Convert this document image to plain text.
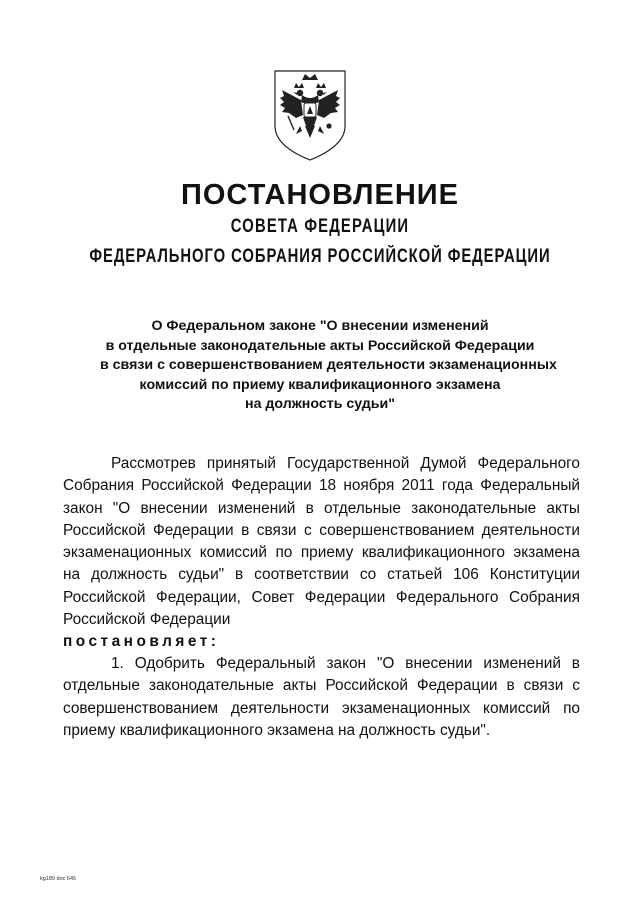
ПОСТАНОВЛЕНИЕ
СОВЕТА ФЕДЕРАЦИИ
ФЕДЕРАЛЬНОГО СОБРАНИЯ РОССИЙСКОЙ ФЕДЕРАЦИИ
О Федеральном законе "О внесении изменений
в отдельные законодательные акты Российской Федерации
в связи с совершенствованием деятельности экзаменационных
комиссий по приему квалификационного экзамена
на должность судьи"
Рассмотрев принятый Государственной Думой Федерального Собрания Российской Федерации 18 ноября 2011 года Федеральный закон "О внесении изменений в отдельные законодательные акты Российской Федерации в связи с совершенствованием деятельности экзаменационных комиссий по приему квалификационного экзамена на должность судьи" в соответствии со статьей 106 Конституции Российской Федерации, Совет Федерации Федерального Собрания Российской Федерации
постановляет:
1. Одобрить Федеральный закон "О внесении изменений в отдельные законодательные акты Российской Федерации в связи с совершенствованием деятельности экзаменационных комиссий по приему квалификационного экзамена на должность судьи".
kg189 doc 645
